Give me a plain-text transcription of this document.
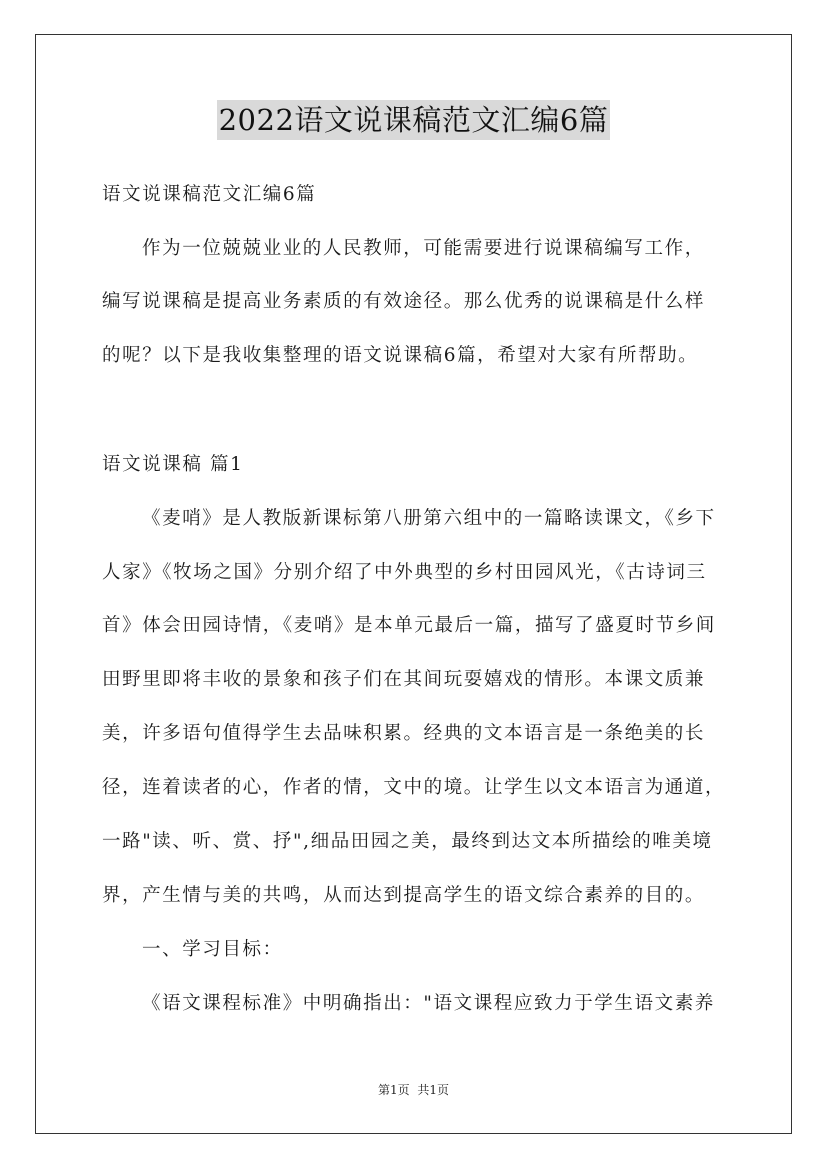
2022语文说课稿范文汇编6篇
语文说课稿范文汇编6篇
作为一位兢兢业业的人民教师，可能需要进行说课稿编写工作，
编写说课稿是提高业务素质的有效途径。那么优秀的说课稿是什么样
的呢？以下是我收集整理的语文说课稿6篇，希望对大家有所帮助。
语文说课稿 篇1
《麦哨》是人教版新课标第八册第六组中的一篇略读课文，《乡下
人家》《牧场之国》分别介绍了中外典型的乡村田园风光，《古诗词三
首》体会田园诗情，《麦哨》是本单元最后一篇，描写了盛夏时节乡间
田野里即将丰收的景象和孩子们在其间玩耍嬉戏的情形。本课文质兼
美，许多语句值得学生去品味积累。经典的文本语言是一条绝美的长
径，连着读者的心，作者的情，文中的境。让学生以文本语言为通道，
一路"读、听、赏、抒",细品田园之美，最终到达文本所描绘的唯美境
界，产生情与美的共鸣，从而达到提高学生的语文综合素养的目的。
一、学习目标：
《语文课程标准》中明确指出："语文课程应致力于学生语文素养
第1页 共1页
